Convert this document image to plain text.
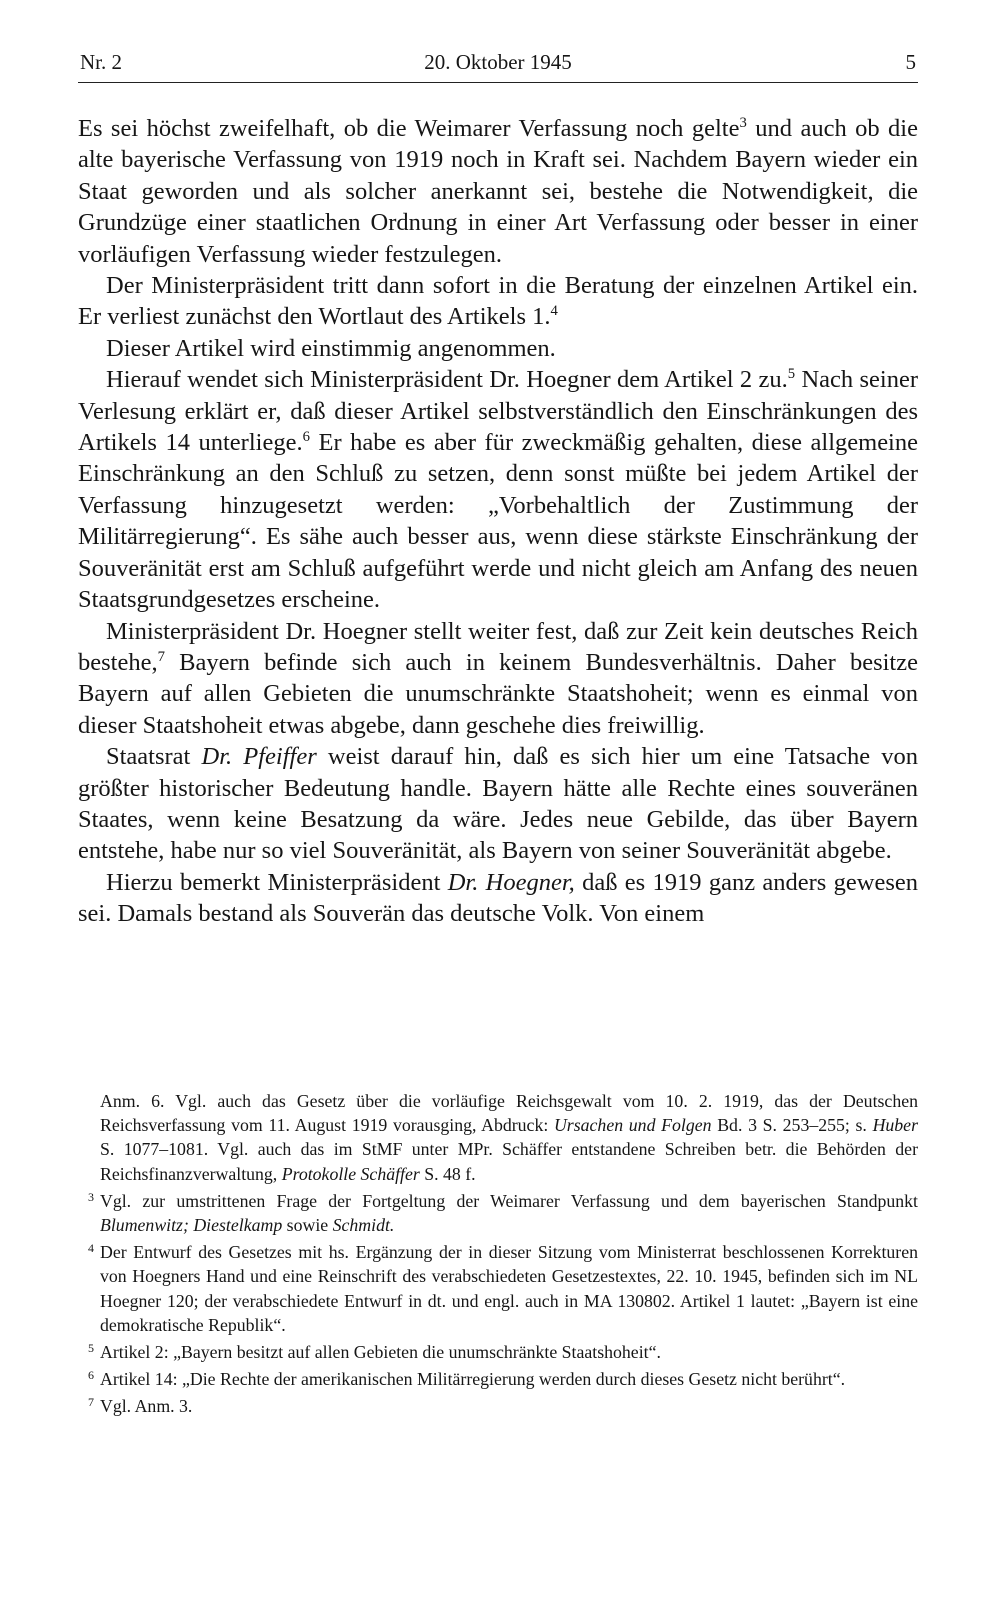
Nr. 2	20. Oktober 1945	5

Es sei höchst zweifelhaft, ob die Weimarer Verfassung noch gelte$^3$ und auch ob die alte bayerische Verfassung von 1919 noch in Kraft sei. Nachdem Bayern wieder ein Staat geworden und als solcher anerkannt sei, bestehe die Notwendigkeit, die Grundzüge einer staatlichen Ordnung in einer Art Verfassung oder besser in einer vorläufigen Verfassung wieder festzulegen.

Der Ministerpräsident tritt dann sofort in die Beratung der einzelnen Artikel ein. Er verliest zunächst den Wortlaut des Artikels 1.$^4$

Dieser Artikel wird einstimmig angenommen.

Hierauf wendet sich Ministerpräsident Dr. Hoegner dem Artikel 2 zu.$^5$ Nach seiner Verlesung erklärt er, daß dieser Artikel selbstverständlich den Einschränkungen des Artikels 14 unterliege.$^6$ Er habe es aber für zweckmäßig gehalten, diese allgemeine Einschränkung an den Schluß zu setzen, denn sonst müßte bei jedem Artikel der Verfassung hinzugesetzt werden: „Vorbehaltlich der Zustimmung der Militärregierung“. Es sähe auch besser aus, wenn diese stärkste Einschränkung der Souveränität erst am Schluß aufgeführt werde und nicht gleich am Anfang des neuen Staatsgrundgesetzes erscheine.

Ministerpräsident Dr. Hoegner stellt weiter fest, daß zur Zeit kein deutsches Reich bestehe,$^7$ Bayern befinde sich auch in keinem Bundesverhältnis. Daher besitze Bayern auf allen Gebieten die unumschränkte Staatshoheit; wenn es einmal von dieser Staatshoheit etwas abgebe, dann geschehe dies freiwillig.

Staatsrat Dr. Pfeiffer weist darauf hin, daß es sich hier um eine Tatsache von größter historischer Bedeutung handle. Bayern hätte alle Rechte eines souveränen Staates, wenn keine Besatzung da wäre. Jedes neue Gebilde, das über Bayern entstehe, habe nur so viel Souveränität, als Bayern von seiner Souveränität abgebe.

Hierzu bemerkt Ministerpräsident Dr. Hoegner, daß es 1919 ganz anders gewesen sei. Damals bestand als Souverän das deutsche Volk. Von einem

Anm. 6. Vgl. auch das Gesetz über die vorläufige Reichsgewalt vom 10. 2. 1919, das der Deutschen Reichsverfassung vom 11. August 1919 vorausging, Abdruck: Ursachen und Folgen Bd. 3 S. 253–255; s. Huber S. 1077–1081. Vgl. auch das im StMF unter MPr. Schäffer entstandene Schreiben betr. die Behörden der Reichsfinanzverwaltung, Protokolle Schäffer S. 48 f.
3 Vgl. zur umstrittenen Frage der Fortgeltung der Weimarer Verfassung und dem bayerischen Standpunkt Blumenwitz; Diestelkamp sowie Schmidt.
4 Der Entwurf des Gesetzes mit hs. Ergänzung der in dieser Sitzung vom Ministerrat beschlossenen Korrekturen von Hoegners Hand und eine Reinschrift des verabschiedeten Gesetzestextes, 22. 10. 1945, befinden sich im NL Hoegner 120; der verabschiedete Entwurf in dt. und engl. auch in MA 130802. Artikel 1 lautet: „Bayern ist eine demokratische Republik“.
5 Artikel 2: „Bayern besitzt auf allen Gebieten die unumschränkte Staatshoheit“.
6 Artikel 14: „Die Rechte der amerikanischen Militärregierung werden durch dieses Gesetz nicht berührt“.
7 Vgl. Anm. 3.
